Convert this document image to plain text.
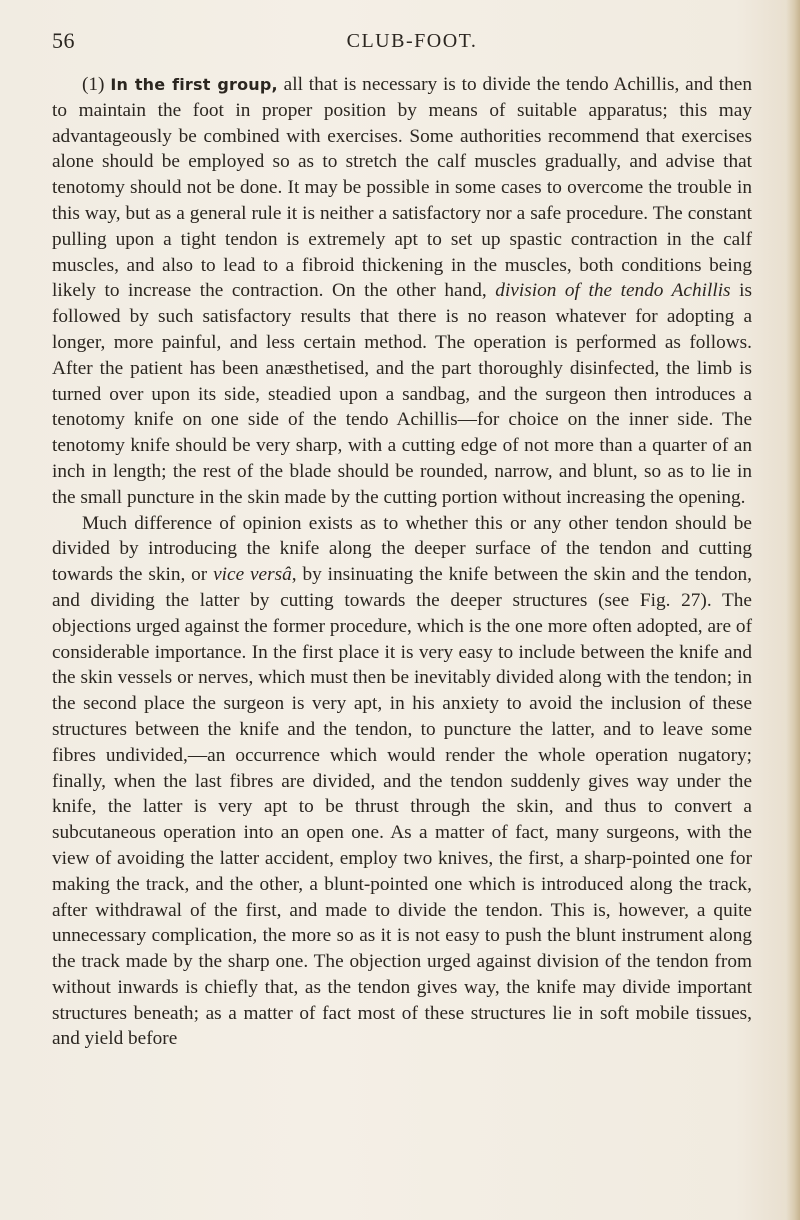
56	CLUB-FOOT.

(1) In the first group, all that is necessary is to divide the tendo Achillis, and then to maintain the foot in proper position by means of suitable apparatus; this may advantageously be combined with exercises. Some authorities recommend that exercises alone should be employed so as to stretch the calf muscles gradually, and advise that tenotomy should not be done. It may be possible in some cases to overcome the trouble in this way, but as a general rule it is neither a satisfactory nor a safe procedure. The constant pulling upon a tight tendon is extremely apt to set up spastic contraction in the calf muscles, and also to lead to a fibroid thickening in the muscles, both conditions being likely to increase the contraction. On the other hand, division of the tendo Achillis is followed by such satisfactory results that there is no reason whatever for adopting a longer, more painful, and less certain method. The operation is performed as follows. After the patient has been anæsthetised, and the part thoroughly disinfected, the limb is turned over upon its side, steadied upon a sandbag, and the surgeon then introduces a tenotomy knife on one side of the tendo Achillis—for choice on the inner side. The tenotomy knife should be very sharp, with a cutting edge of not more than a quarter of an inch in length; the rest of the blade should be rounded, narrow, and blunt, so as to lie in the small puncture in the skin made by the cutting portion without increasing the opening.

Much difference of opinion exists as to whether this or any other tendon should be divided by introducing the knife along the deeper surface of the tendon and cutting towards the skin, or vice versâ, by insinuating the knife between the skin and the tendon, and dividing the latter by cutting towards the deeper structures (see Fig. 27). The objections urged against the former procedure, which is the one more often adopted, are of considerable importance. In the first place it is very easy to include between the knife and the skin vessels or nerves, which must then be inevitably divided along with the tendon; in the second place the surgeon is very apt, in his anxiety to avoid the inclusion of these structures between the knife and the tendon, to puncture the latter, and to leave some fibres undivided,—an occurrence which would render the whole operation nugatory; finally, when the last fibres are divided, and the tendon suddenly gives way under the knife, the latter is very apt to be thrust through the skin, and thus to convert a subcutaneous operation into an open one. As a matter of fact, many surgeons, with the view of avoiding the latter accident, employ two knives, the first, a sharp-pointed one for making the track, and the other, a blunt-pointed one which is introduced along the track, after withdrawal of the first, and made to divide the tendon. This is, however, a quite unnecessary complication, the more so as it is not easy to push the blunt instrument along the track made by the sharp one. The objection urged against division of the tendon from without inwards is chiefly that, as the tendon gives way, the knife may divide important structures beneath; as a matter of fact most of these structures lie in soft mobile tissues, and yield before
